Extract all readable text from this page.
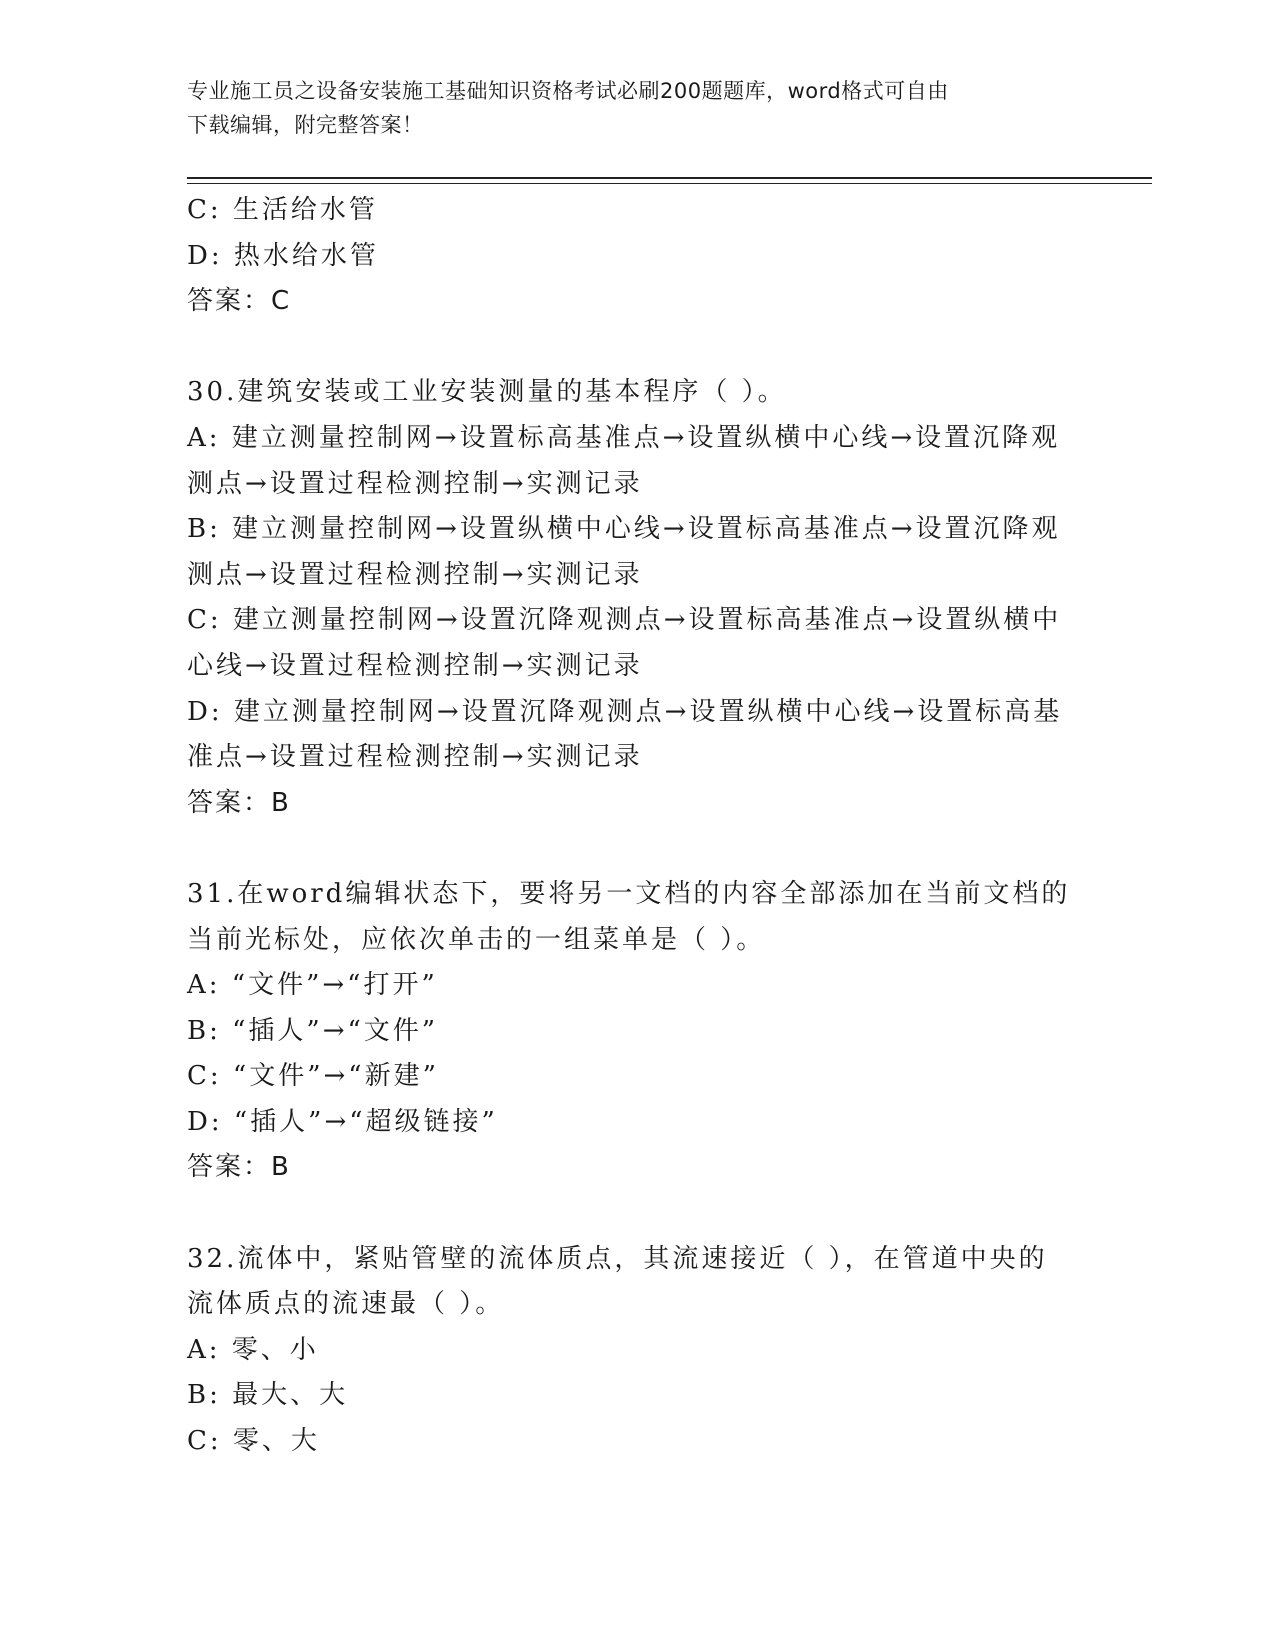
专业施工员之设备安装施工基础知识资格考试必刷200题题库，word格式可自由
下载编辑，附完整答案！
C: 生活给水管
D: 热水给水管
答案：C
30.建筑安装或工业安装测量的基本程序（ ）。
A: 建立测量控制网→设置标高基准点→设置纵横中心线→设置沉降观
测点→设置过程检测控制→实测记录
B: 建立测量控制网→设置纵横中心线→设置标高基准点→设置沉降观
测点→设置过程检测控制→实测记录
C: 建立测量控制网→设置沉降观测点→设置标高基准点→设置纵横中
心线→设置过程检测控制→实测记录
D: 建立测量控制网→设置沉降观测点→设置纵横中心线→设置标高基
准点→设置过程检测控制→实测记录
答案：B
31.在word编辑状态下，要将另一文档的内容全部添加在当前文档的
当前光标处，应依次单击的一组菜单是（ ）。
A: “文件”→“打开”
B: “插人”→“文件”
C: “文件”→“新建”
D: “插人”→“超级链接”
答案：B
32.流体中，紧贴管壁的流体质点，其流速接近（ ），在管道中央的
流体质点的流速最（ ）。
A: 零、小
B: 最大、大
C: 零、大
